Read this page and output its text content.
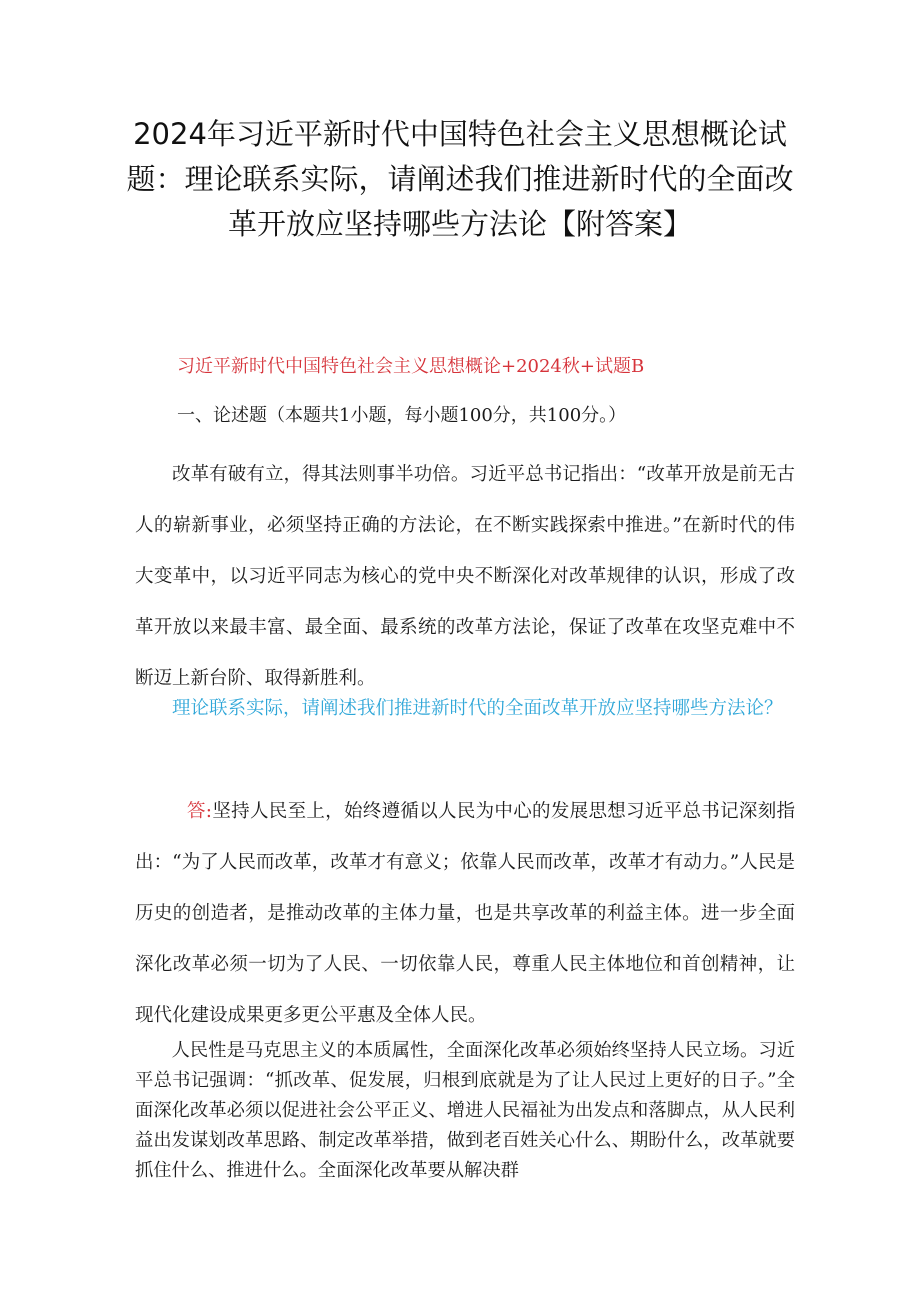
2024年习近平新时代中国特色社会主义思想概论试题：理论联系实际，请阐述我们推进新时代的全面改革开放应坚持哪些方法论【附答案】
习近平新时代中国特色社会主义思想概论+2024秋+试题B
一、论述题（本题共1小题，每小题100分，共100分。）

改革有破有立，得其法则事半功倍。习近平总书记指出：“改革开放是前无古人的崭新事业，必须坚持正确的方法论，在不断实践探索中推进。”在新时代的伟大变革中，以习近平同志为核心的党中央不断深化对改革规律的认识，形成了改革开放以来最丰富、最全面、最系统的改革方法论，保证了改革在攻坚克难中不断迈上新台阶、取得新胜利。

理论联系实际，请阐述我们推进新时代的全面改革开放应坚持哪些方法论？

答:坚持人民至上，始终遵循以人民为中心的发展思想习近平总书记深刻指出：“为了人民而改革，改革才有意义；依靠人民而改革，改革才有动力。”人民是历史的创造者，是推动改革的主体力量，也是共享改革的利益主体。进一步全面深化改革必须一切为了人民、一切依靠人民，尊重人民主体地位和首创精神，让现代化建设成果更多更公平惠及全体人民。

人民性是马克思主义的本质属性，全面深化改革必须始终坚持人民立场。习近平总书记强调：“抓改革、促发展，归根到底就是为了让人民过上更好的日子。”全面深化改革必须以促进社会公平正义、增进人民福祉为出发点和落脚点，从人民利益出发谋划改革思路、制定改革举措，做到老百姓关心什么、期盼什么，改革就要抓住什么、推进什么。全面深化改革要从解决群
